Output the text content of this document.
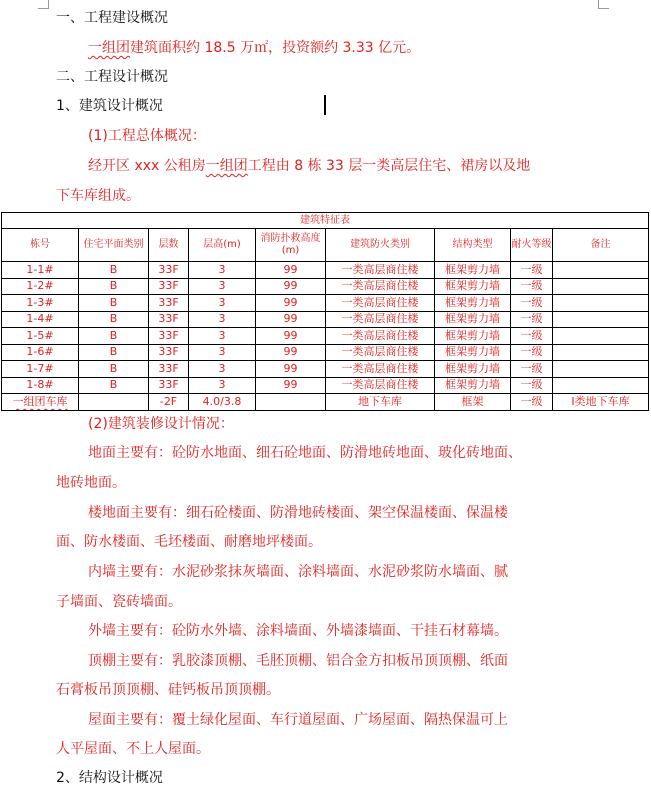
一、工程建设概况
一组团建筑面积约 18.5 万㎡，投资额约 3.33 亿元。
二、工程设计概况
1、建筑设计概况
(1)工程总体概况：
经开区 xxx 公租房一组团工程由 8 栋 33 层一类高层住宅、裙房以及地
下车库组成。
建筑特征表								
栋号	住宅平面类别	层数	层高(m)	消防扑救高度(m)	建筑防火类别	结构类型	耐火等级	备注
1-1#	B	33F	3	99	一类高层商住楼	框架剪力墙	一级	
1-2#	B	33F	3	99	一类高层商住楼	框架剪力墙	一级	
1-3#	B	33F	3	99	一类高层商住楼	框架剪力墙	一级	
1-4#	B	33F	3	99	一类高层商住楼	框架剪力墙	一级	
1-5#	B	33F	3	99	一类高层商住楼	框架剪力墙	一级	
1-6#	B	33F	3	99	一类高层商住楼	框架剪力墙	一级	
1-7#	B	33F	3	99	一类高层商住楼	框架剪力墙	一级	
1-8#	B	33F	3	99	一类高层商住楼	框架剪力墙	一级	
一组团车库		-2F	4.0/3.8		地下车库	框架	一级	Ⅰ类地下车库
(2)建筑装修设计情况：
地面主要有：砼防水地面、细石砼地面、防滑地砖地面、玻化砖地面、
地砖地面。
楼地面主要有：细石砼楼面、防滑地砖楼面、架空保温楼面、保温楼
面、防水楼面、毛坯楼面、耐磨地坪楼面。
内墙主要有：水泥砂浆抹灰墙面、涂料墙面、水泥砂浆防水墙面、腻
子墙面、瓷砖墙面。
外墙主要有：砼防水外墙、涂料墙面、外墙漆墙面、干挂石材幕墙。
顶棚主要有：乳胶漆顶棚、毛胚顶棚、铝合金方扣板吊顶顶棚、纸面
石膏板吊顶顶棚、硅钙板吊顶顶棚。
屋面主要有：覆土绿化屋面、车行道屋面、广场屋面、隔热保温可上
人平屋面、不上人屋面。
2、结构设计概况
